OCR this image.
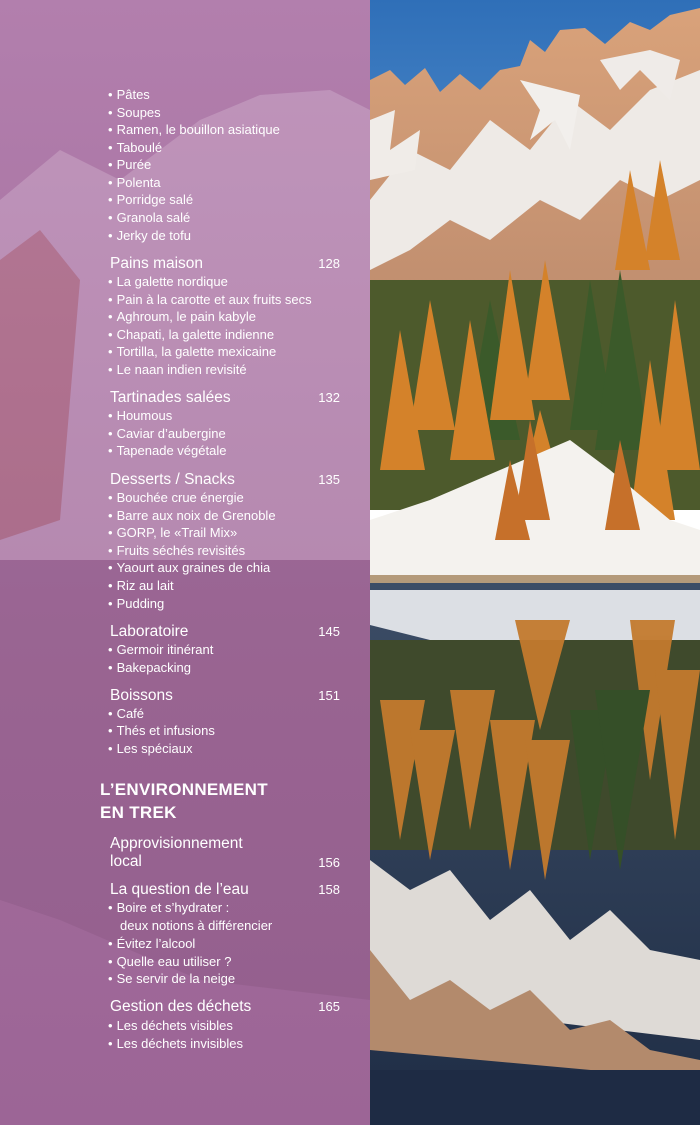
• Pâtes
• Soupes
• Ramen, le bouillon asiatique
• Taboulé
• Purée
• Polenta
• Porridge salé
• Granola salé
• Jerky de tofu
Pains maison	128
• La galette nordique
• Pain à la carotte et aux fruits secs
• Aghroum, le pain kabyle
• Chapati, la galette indienne
• Tortilla, la galette mexicaine
• Le naan indien revisité
Tartinades salées	132
• Houmous
• Caviar d’aubergine
• Tapenade végétale
Desserts / Snacks	135
• Bouchée crue énergie
• Barre aux noix de Grenoble
• GORP, le «Trail Mix»
• Fruits séchés revisités
• Yaourt aux graines de chia
• Riz au lait
• Pudding
Laboratoire	145
• Germoir itinérant
• Bakepacking
Boissons	151
• Café
• Thés et infusions
• Les spéciaux
L’ENVIRONNEMENT
EN TREK
Approvisionnement
local	156
La question de l’eau	158
• Boire et s’hydrater :
deux notions à différencier
• Évitez l’alcool
• Quelle eau utiliser ?
• Se servir de la neige
Gestion des déchets	165
• Les déchets visibles
• Les déchets invisibles
